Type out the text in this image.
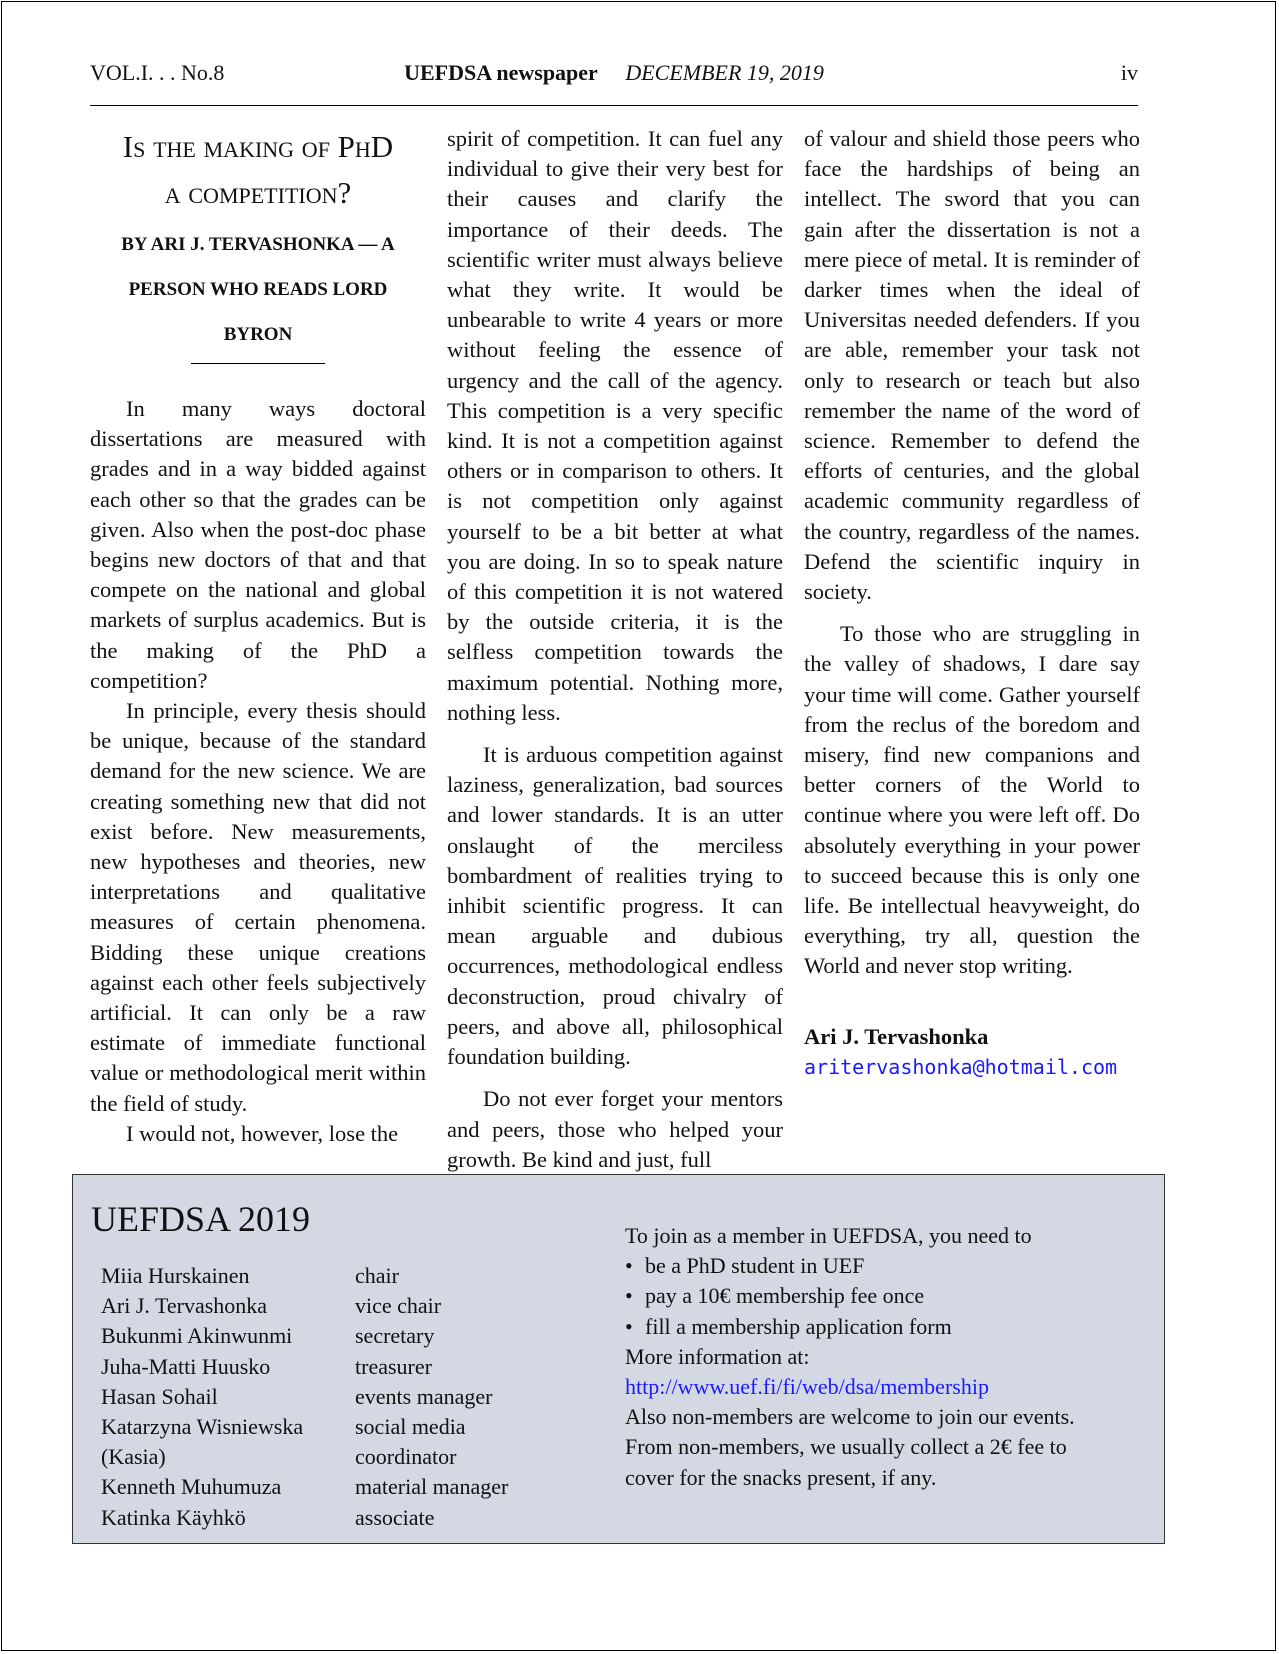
VOL.I. . . No.8	UEFDSA newspaper DECEMBER 19, 2019	iv
Is the making of PhD
a competition?
BY ARI J. TERVASHONKA — A
PERSON WHO READS LORD
BYRON

In many ways doctoral dissertations are measured with grades and in a way bidded against each other so that the grades can be given. Also when the post-doc phase begins new doctors of that and that compete on the national and global markets of surplus academics. But is the making of the PhD a competition?

In principle, every thesis should be unique, because of the standard demand for the new science. We are creating something new that did not exist before. New measurements, new hypotheses and theories, new interpretations and qualitative measures of certain phenomena. Bidding these unique creations against each other feels subjectively artificial. It can only be a raw estimate of immediate functional value or methodological merit within the field of study.

I would not, however, lose the

spirit of competition. It can fuel any individual to give their very best for their causes and clarify the importance of their deeds. The scientific writer must always believe what they write. It would be unbearable to write 4 years or more without feeling the essence of urgency and the call of the agency. This competition is a very specific kind. It is not a competition against others or in comparison to others. It is not competition only against yourself to be a bit better at what you are doing. In so to speak nature of this competition it is not watered by the outside criteria, it is the selfless competition towards the maximum potential. Nothing more, nothing less.

It is arduous competition against laziness, generalization, bad sources and lower standards. It is an utter onslaught of the merciless bombardment of realities trying to inhibit scientific progress. It can mean arguable and dubious occurrences, methodological endless deconstruction, proud chivalry of peers, and above all, philosophical foundation building.

Do not ever forget your mentors and peers, those who helped your growth. Be kind and just, full

of valour and shield those peers who face the hardships of being an intellect. The sword that you can gain after the dissertation is not a mere piece of metal. It is reminder of darker times when the ideal of Universitas needed defenders. If you are able, remember your task not only to research or teach but also remember the name of the word of science. Remember to defend the efforts of centuries, and the global academic community regardless of the country, regardless of the names. Defend the scientific inquiry in society.

To those who are struggling in the valley of shadows, I dare say your time will come. Gather yourself from the reclus of the boredom and misery, find new companions and better corners of the World to continue where you were left off. Do absolutely everything in your power to succeed because this is only one life. Be intellectual heavyweight, do everything, try all, question the World and never stop writing.

Ari J. Tervashonka
aritervashonka@hotmail.com
UEFDSA 2019
Miia Hurskainen	chair
Ari J. Tervashonka	vice chair
Bukunmi Akinwunmi	secretary
Juha-Matti Huusko	treasurer
Hasan Sohail	events manager
Katarzyna Wisniewska	social media
(Kasia)	coordinator
Kenneth Muhumuza	material manager
Katinka Käyhkö	associate
To join as a member in UEFDSA, you need to
• be a PhD student in UEF
• pay a 10€ membership fee once
• fill a membership application form
More information at:
http://www.uef.fi/fi/web/dsa/membership
Also non-members are welcome to join our events.
From non-members, we usually collect a 2€ fee to
cover for the snacks present, if any.
